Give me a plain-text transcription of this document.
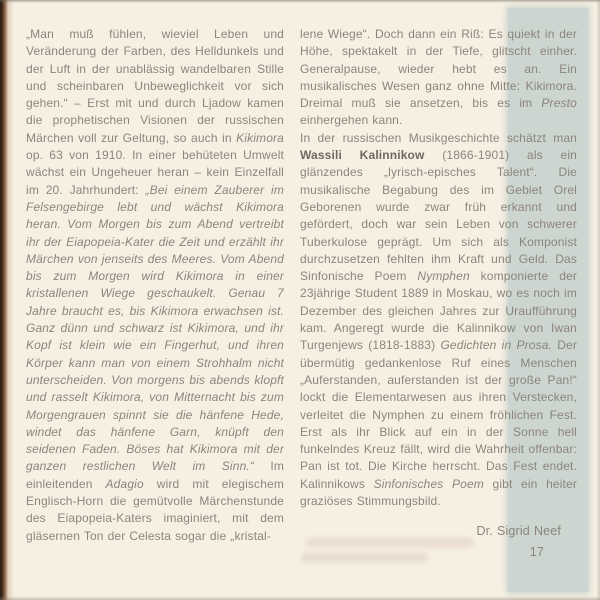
„Man muß fühlen, wieviel Leben und Veränderung der Farben, des Helldunkels und der Luft in der unablässig wandelbaren Stille und scheinbaren Unbeweglichkeit vor sich gehen.“ – Erst mit und durch Ljadow kamen die prophetischen Visionen der russischen Märchen voll zur Geltung, so auch in Kikimora op. 63 von 1910. In einer behüteten Umwelt wächst ein Ungeheuer heran – kein Einzelfall im 20. Jahrhundert: „Bei einem Zauberer im Felsengebirge lebt und wächst Kikimora heran. Vom Morgen bis zum Abend vertreibt ihr der Eiapopeia-Kater die Zeit und erzählt ihr Märchen von jenseits des Meeres. Vom Abend bis zum Morgen wird Kikimora in einer kristallenen Wiege geschaukelt. Genau 7 Jahre braucht es, bis Kikimora erwachsen ist. Ganz dünn und schwarz ist Kikimora, und ihr Kopf ist klein wie ein Fingerhut, und ihren Körper kann man von einem Strohhalm nicht unterscheiden. Von morgens bis abends klopft und rasselt Kikimora, von Mitternacht bis zum Morgengrauen spinnt sie die hänfene Hede, windet das hänfene Garn, knüpft den seidenen Faden. Böses hat Kikimora mit der ganzen restlichen Welt im Sinn.“ Im einleitenden Adagio wird mit elegischem Englisch-Horn die gemütvolle Märchenstunde des Eiapopeia-Katers imaginiert, mit dem gläsernen Ton der Celesta sogar die „kristal-
lene Wiege“. Doch dann ein Riß: Es quiekt in der Höhe, spektakelt in der Tiefe, glitscht einher. Generalpause, wieder hebt es an. Ein musikalisches Wesen ganz ohne Mitte: Kikimora. Dreimal muß sie ansetzen, bis es im Presto einhergehen kann.
In der russischen Musikgeschichte schätzt man Wassili Kalinnikow (1866-1901) als ein glänzendes „lyrisch-episches Talent“. Die musikalische Begabung des im Gebiet Orel Geborenen wurde zwar früh erkannt und gefördert, doch war sein Leben von schwerer Tuberkulose geprägt. Um sich als Komponist durchzusetzen fehlten ihm Kraft und Geld. Das Sinfonische Poem Nymphen komponierte der 23jährige Student 1889 in Moskau, wo es noch im Dezember des gleichen Jahres zur Uraufführung kam. Angeregt wurde die Kalinnikow von Iwan Turgenjews (1818-1883) Gedichten in Prosa. Der übermütig gedankenlose Ruf eines Menschen „Auferstanden, auferstanden ist der große Pan!“ lockt die Elementarwesen aus ihren Verstecken, verleitet die Nymphen zu einem fröhlichen Fest. Erst als ihr Blick auf ein in der Sonne hell funkelndes Kreuz fällt, wird die Wahrheit offenbar: Pan ist tot. Die Kirche herrscht. Das Fest endet. Kalinnikows Sinfonisches Poem gibt ein heiter graziöses Stimmungsbild.
Dr. Sigrid Neef
17
